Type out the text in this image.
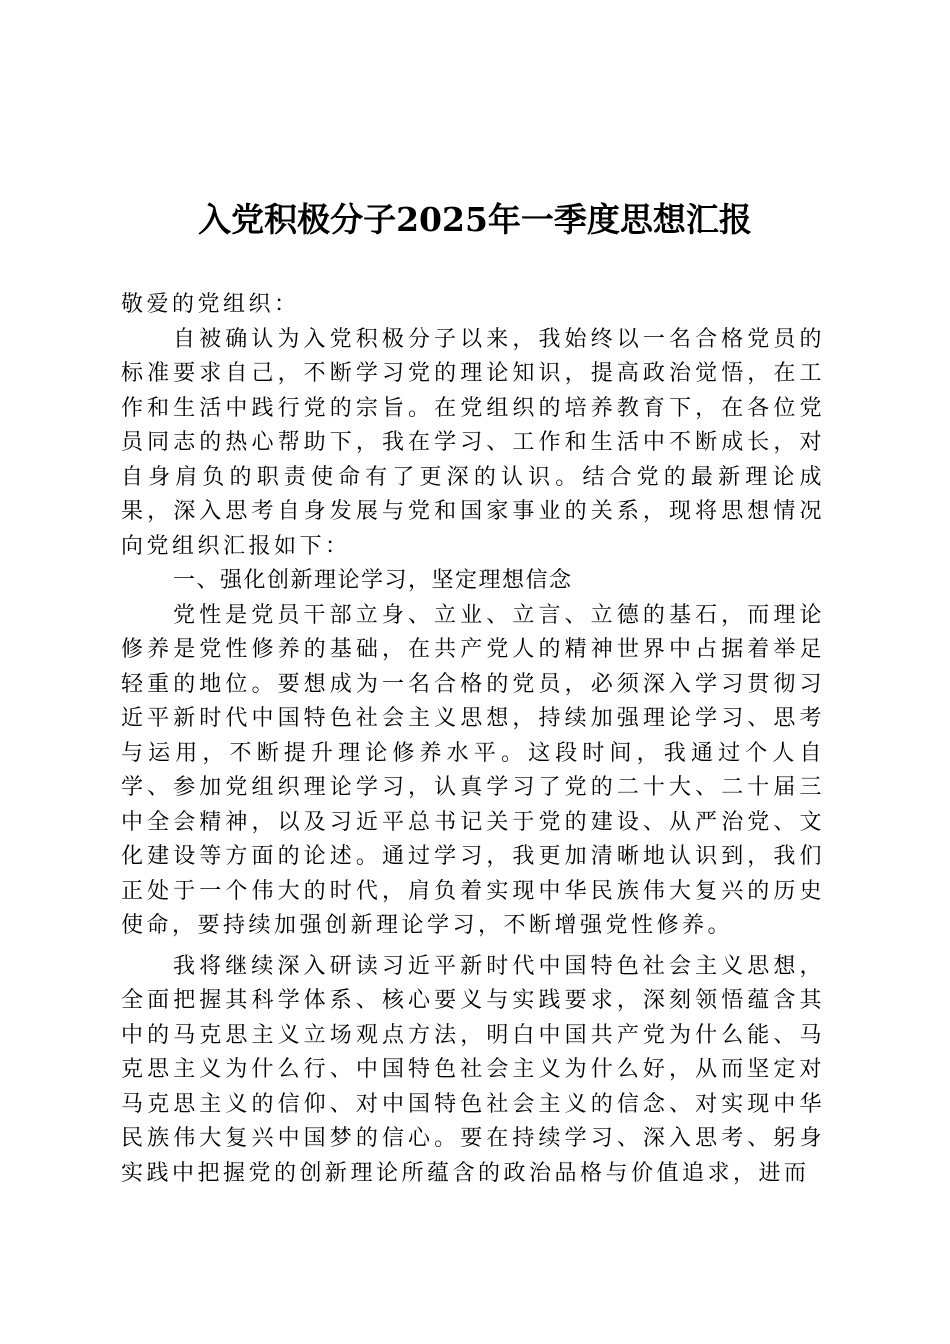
入党积极分子2025年一季度思想汇报

敬爱的党组织：

自被确认为入党积极分子以来，我始终以一名合格党员的标准要求自己，不断学习党的理论知识，提高政治觉悟，在工作和生活中践行党的宗旨。在党组织的培养教育下，在各位党员同志的热心帮助下，我在学习、工作和生活中不断成长，对自身肩负的职责使命有了更深的认识。结合党的最新理论成果，深入思考自身发展与党和国家事业的关系，现将思想情况向党组织汇报如下：

一、强化创新理论学习，坚定理想信念

党性是党员干部立身、立业、立言、立德的基石，而理论修养是党性修养的基础，在共产党人的精神世界中占据着举足轻重的地位。要想成为一名合格的党员，必须深入学习贯彻习近平新时代中国特色社会主义思想，持续加强理论学习、思考与运用，不断提升理论修养水平。这段时间，我通过个人自学、参加党组织理论学习，认真学习了党的二十大、二十届三中全会精神，以及习近平总书记关于党的建设、从严治党、文化建设等方面的论述。通过学习，我更加清晰地认识到，我们正处于一个伟大的时代，肩负着实现中华民族伟大复兴的历史使命，要持续加强创新理论学习，不断增强党性修养。

我将继续深入研读习近平新时代中国特色社会主义思想，全面把握其科学体系、核心要义与实践要求，深刻领悟蕴含其中的马克思主义立场观点方法，明白中国共产党为什么能、马克思主义为什么行、中国特色社会主义为什么好，从而坚定对马克思主义的信仰、对中国特色社会主义的信念、对实现中华民族伟大复兴中国梦的信心。要在持续学习、深入思考、躬身实践中把握党的创新理论所蕴含的政治品格与价值追求，进而
